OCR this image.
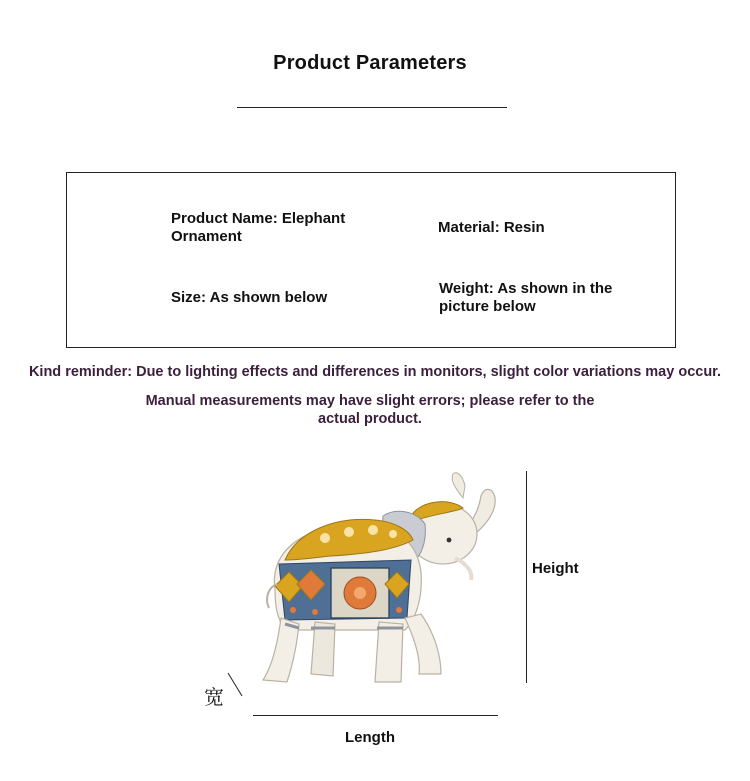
Product Parameters
Product Name: Elephant Ornament
Material: Resin
Size: As shown below
Weight: As shown in the picture below
Kind reminder: Due to lighting effects and differences in monitors, slight color variations may occur.
Manual measurements may have slight errors; please refer to the actual product.
Height
宽
Length
